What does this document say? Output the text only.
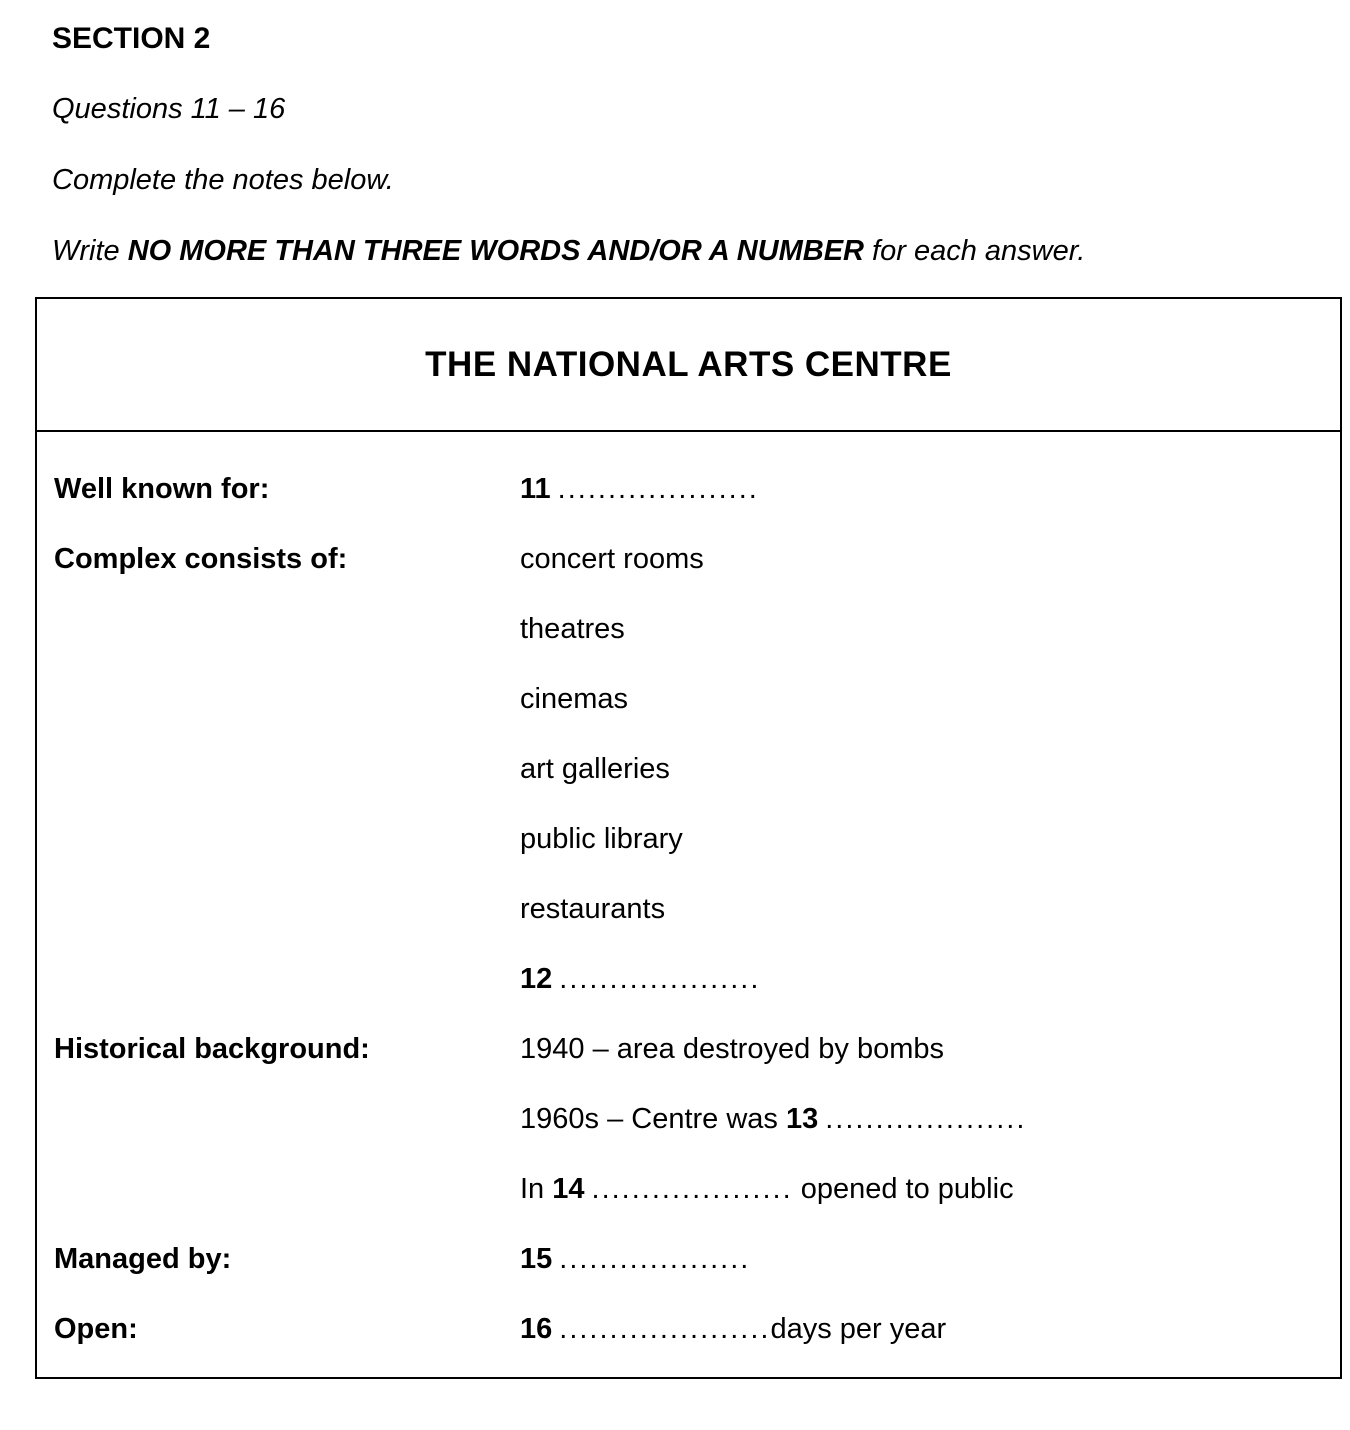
SECTION 2

Questions 11 – 16

Complete the notes below.

Write NO MORE THAN THREE WORDS AND/OR A NUMBER for each answer.

THE NATIONAL ARTS CENTRE
Well known for:	11 ....................
Complex consists of:	concert rooms
theatres
cinemas
art galleries
public library
restaurants
12 ....................
Historical background:	1940 – area destroyed by bombs
1960s – Centre was 13 ....................
In 14 .................... opened to public
Managed by:	15 ...................
Open:	16 .....................days per year
